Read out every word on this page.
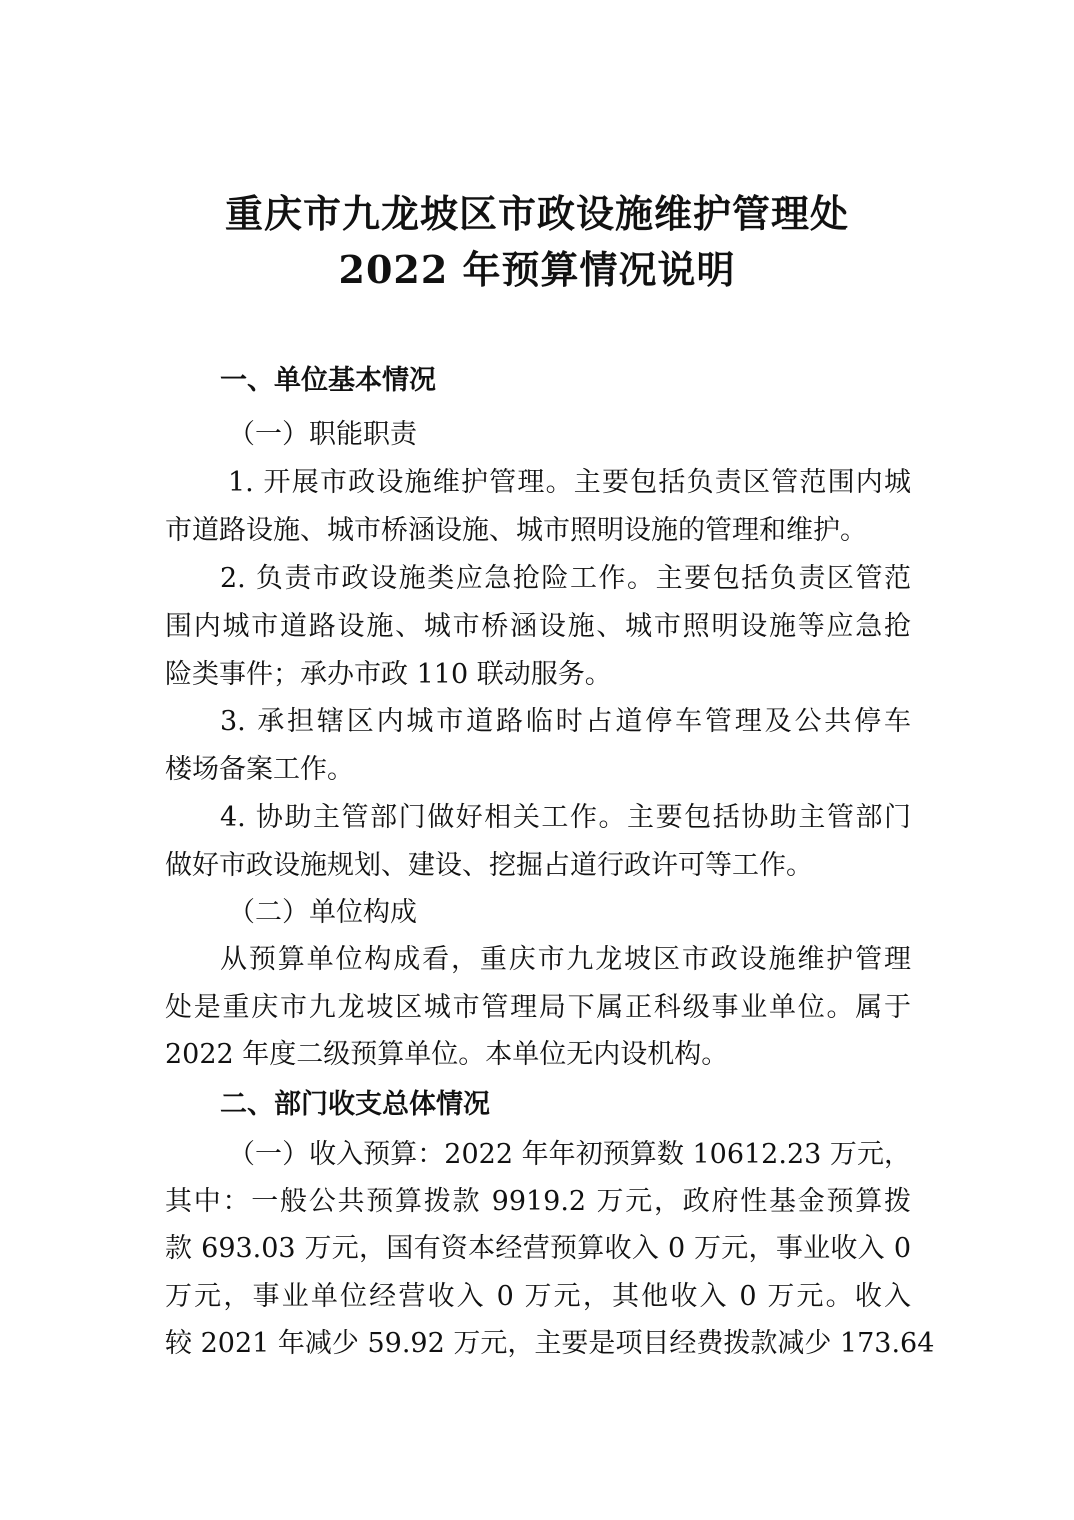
重庆市九龙坡区市政设施维护管理处
2022 年预算情况说明
一、单位基本情况
（一）职能职责
1. 开展市政设施维护管理。主要包括负责区管范围内城
市道路设施、城市桥涵设施、城市照明设施的管理和维护。
2. 负责市政设施类应急抢险工作。主要包括负责区管范
围内城市道路设施、城市桥涵设施、城市照明设施等应急抢
险类事件；承办市政 110 联动服务。
3. 承担辖区内城市道路临时占道停车管理及公共停车
楼场备案工作。
4. 协助主管部门做好相关工作。主要包括协助主管部门
做好市政设施规划、建设、挖掘占道行政许可等工作。
（二）单位构成
从预算单位构成看，重庆市九龙坡区市政设施维护管理
处是重庆市九龙坡区城市管理局下属正科级事业单位。属于
2022 年度二级预算单位。本单位无内设机构。
二、部门收支总体情况
（一）收入预算：2022 年年初预算数 10612.23 万元，
其中：一般公共预算拨款 9919.2 万元，政府性基金预算拨
款 693.03 万元，国有资本经营预算收入 0 万元，事业收入 0
万元，事业单位经营收入 0 万元，其他收入 0 万元。收入
较 2021 年减少 59.92 万元，主要是项目经费拨款减少 173.64
